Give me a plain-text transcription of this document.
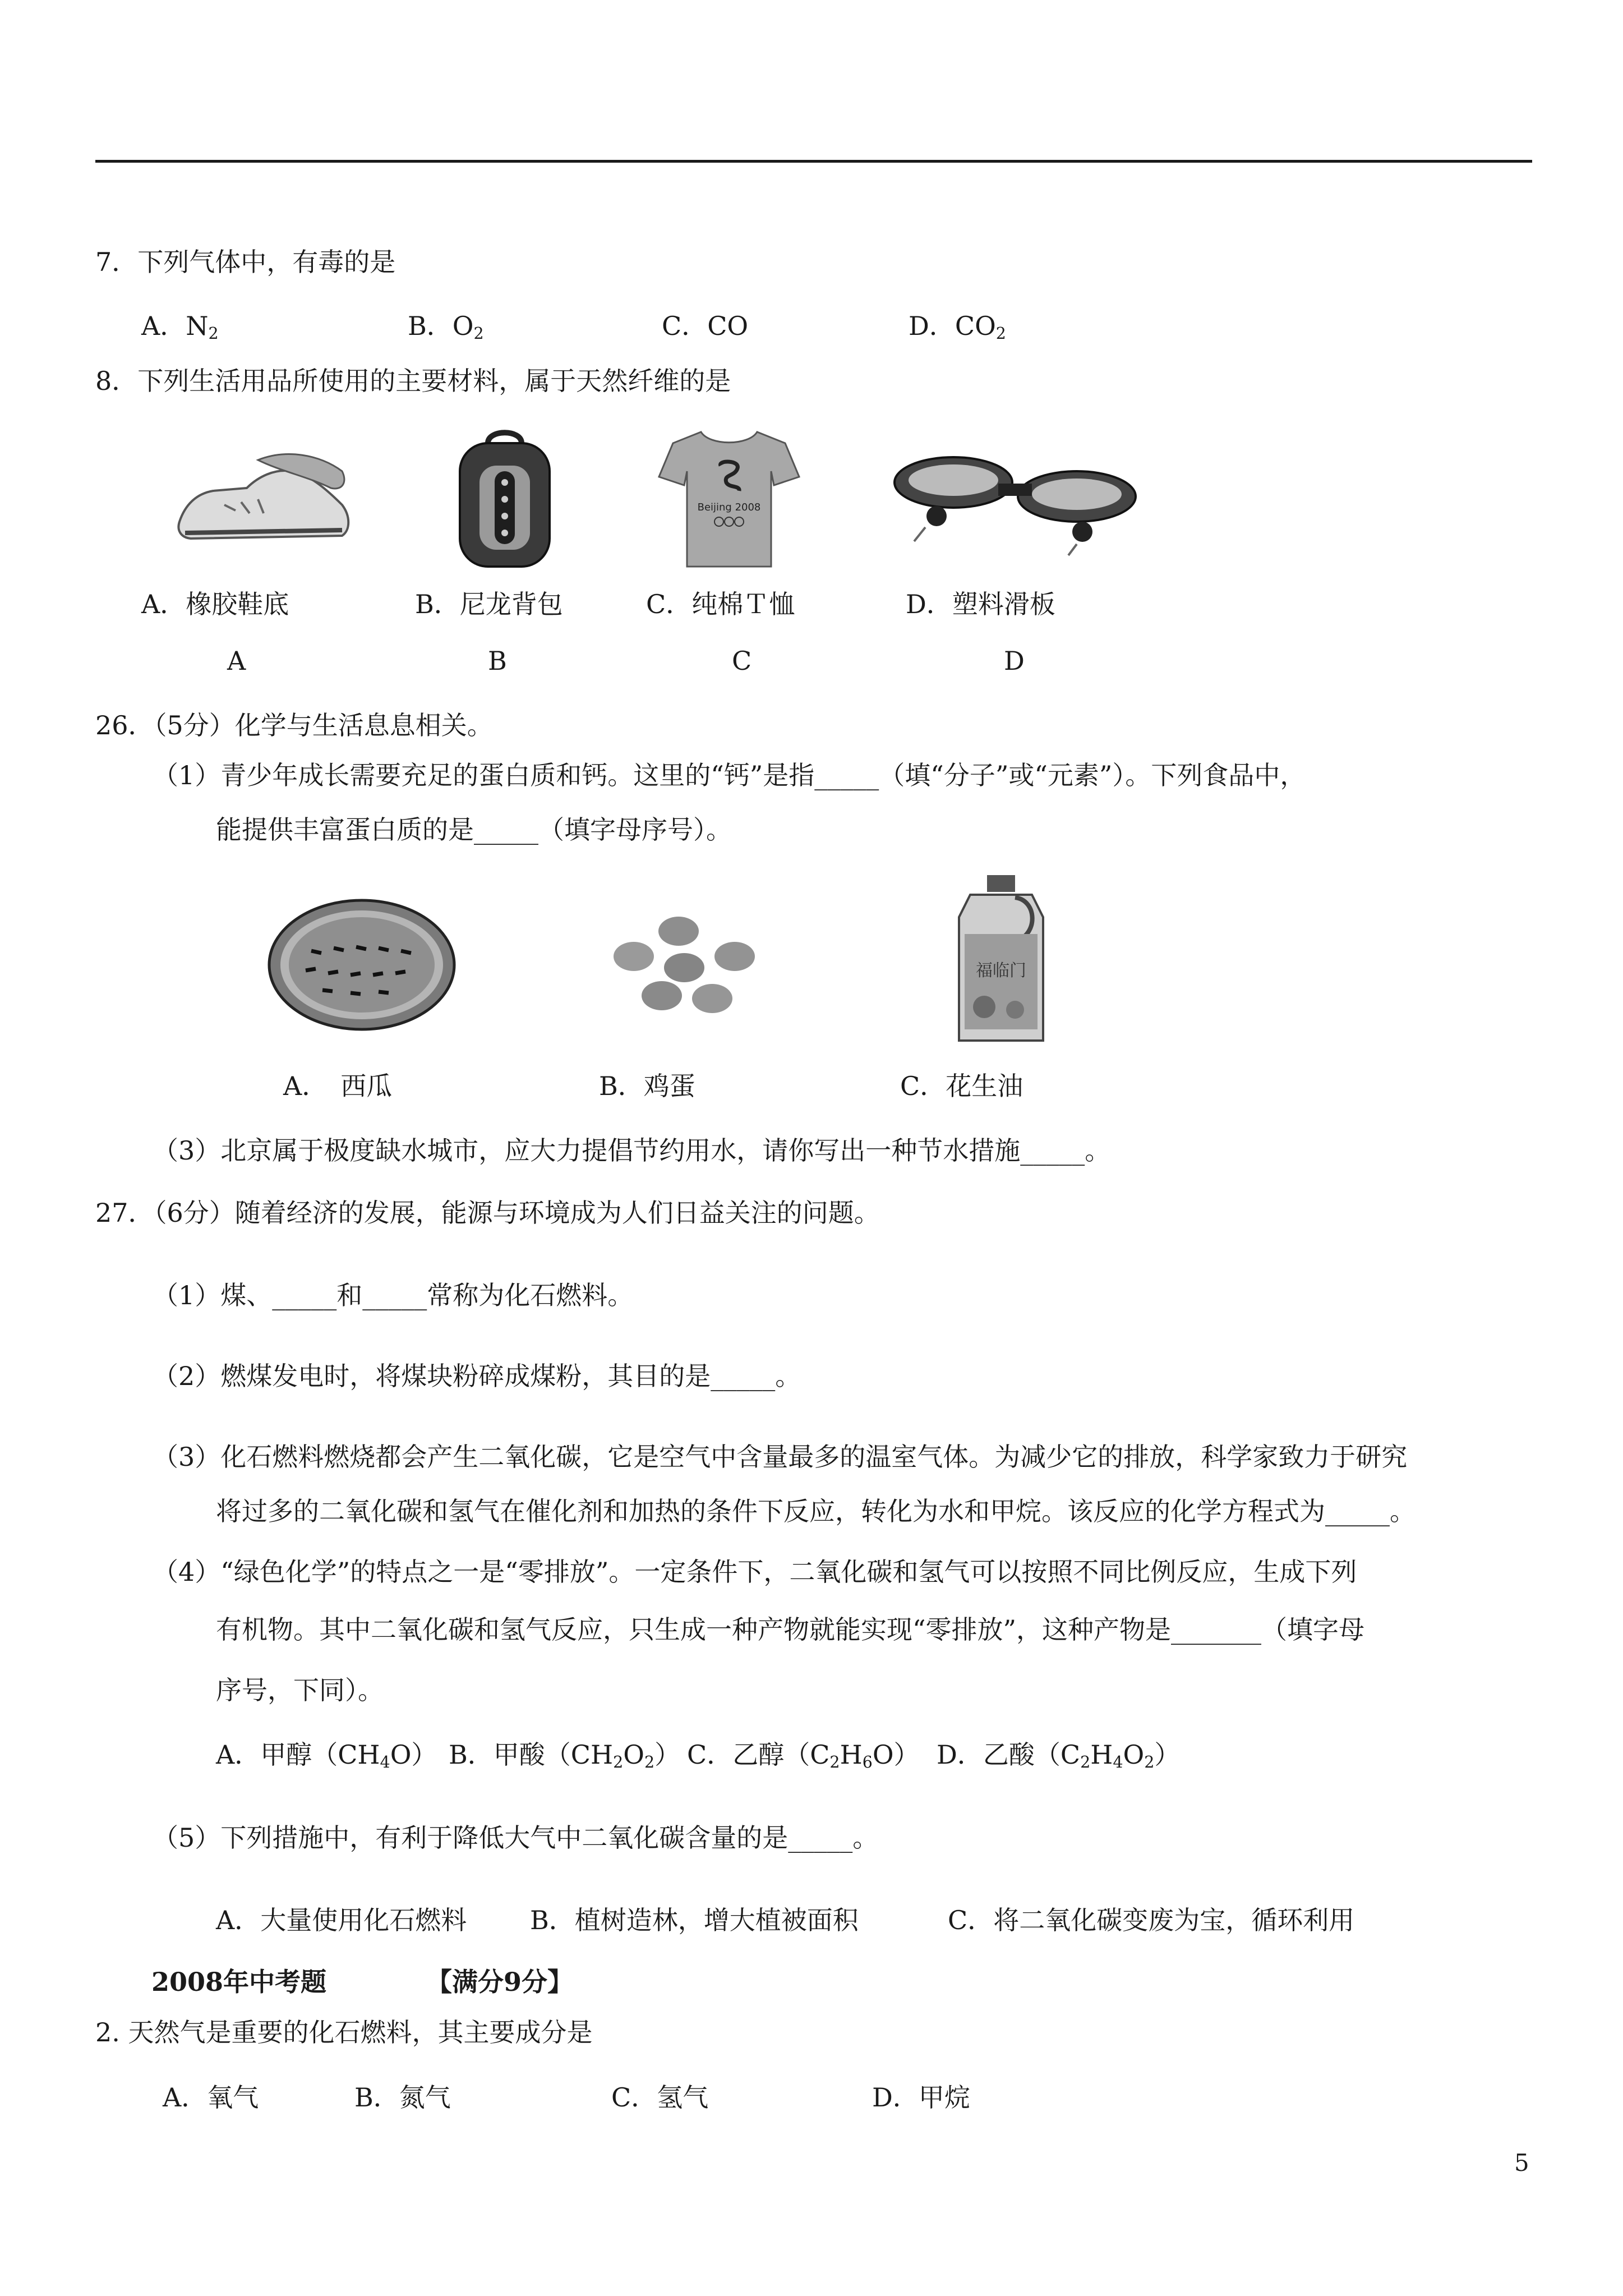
7．下列气体中，有毒的是
A．$N_2$	B．$O_2$	C．CO	D．$CO_2$
8．下列生活用品所使用的主要材料，属于天然纤维的是
Beijing 2008
A．橡胶鞋底	B．尼龙背包	C．纯棉Ｔ恤	D．塑料滑板
A	B	C	D
26．（5分）化学与生活息息相关。
（1）青少年成长需要充足的蛋白质和钙。这里的“钙”是指_____（填“分子”或“元素”）。下列食品中，
能提供丰富蛋白质的是_____（填字母序号）。
福临门
A．　西瓜	B．鸡蛋	C．花生油
（3）北京属于极度缺水城市，应大力提倡节约用水，请你写出一种节水措施_____。
27．（6分）随着经济的发展，能源与环境成为人们日益关注的问题。
（1）煤、_____和_____常称为化石燃料。
（2）燃煤发电时，将煤块粉碎成煤粉，其目的是_____。
（3）化石燃料燃烧都会产生二氧化碳，它是空气中含量最多的温室气体。为减少它的排放，科学家致力于研究
将过多的二氧化碳和氢气在催化剂和加热的条件下反应，转化为水和甲烷。该反应的化学方程式为_____。
（4）“绿色化学”的特点之一是“零排放”。一定条件下，二氧化碳和氢气可以按照不同比例反应，生成下列
有机物。其中二氧化碳和氢气反应，只生成一种产物就能实现“零排放”，这种产物是_______（填字母
序号，下同）。
A．甲醇$(CH_4O)$ B．甲酸$(CH_2O_2)$ C．乙醇$(C_2H_6O)$ D．乙酸$(C_2H_4O_2)$
（5）下列措施中，有利于降低大气中二氧化碳含量的是_____。
A．大量使用化石燃料 B．植树造林，增大植被面积	C．将二氧化碳变废为宝，循环利用
2008年中考题	【满分9分】
2. 天然气是重要的化石燃料，其主要成分是
A．氧气	B．氮气	C．氢气	D．甲烷
5
